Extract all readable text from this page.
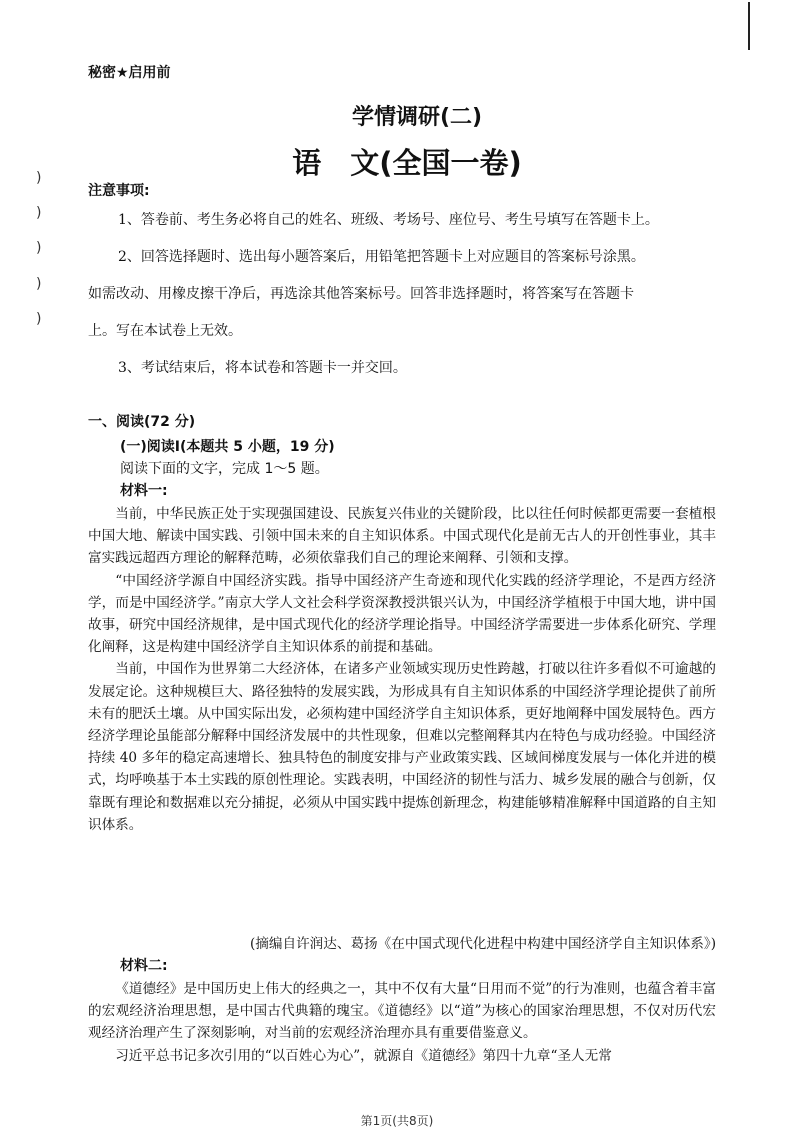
)
)
)
)
)
秘密★启用前
学情调研(二)
语　文(全国一卷)
注意事项:
1、答卷前、考生务必将自己的姓名、班级、考场号、座位号、考生号填写在答题卡上。
2、回答选择题时、选出每小题答案后，用铅笔把答题卡上对应题目的答案标号涂黑。
如需改动、用橡皮擦干净后，再选涂其他答案标号。回答非选择题时，将答案写在答题卡
上。写在本试卷上无效。
3、考试结束后，将本试卷和答题卡一并交回。
一、阅读(72 分)
(一)阅读Ⅰ(本题共 5 小题，19 分)
阅读下面的文字，完成 1～5 题。
材料一:

当前，中华民族正处于实现强国建设、民族复兴伟业的关键阶段，比以往任何时候都更需要一套植根中国大地、解读中国实践、引领中国未来的自主知识体系。中国式现代化是前无古人的开创性事业，其丰富实践远超西方理论的解释范畴，必须依靠我们自己的理论来阐释、引领和支撑。

“中国经济学源自中国经济实践。指导中国经济产生奇迹和现代化实践的经济学理论，不是西方经济学，而是中国经济学。”南京大学人文社会科学资深教授洪银兴认为，中国经济学植根于中国大地，讲中国故事，研究中国经济规律，是中国式现代化的经济学理论指导。中国经济学需要进一步体系化研究、学理化阐释，这是构建中国经济学自主知识体系的前提和基础。

当前，中国作为世界第二大经济体，在诸多产业领域实现历史性跨越，打破以往许多看似不可逾越的发展定论。这种规模巨大、路径独特的发展实践，为形成具有自主知识体系的中国经济学理论提供了前所未有的肥沃土壤。从中国实际出发，必须构建中国经济学自主知识体系，更好地阐释中国发展特色。西方经济学理论虽能部分解释中国经济发展中的共性现象，但难以完整阐释其内在特色与成功经验。中国经济持续 40 多年的稳定高速增长、独具特色的制度安排与产业政策实践、区域间梯度发展与一体化并进的模式，均呼唤基于本土实践的原创性理论。实践表明，中国经济的韧性与活力、城乡发展的融合与创新，仅靠既有理论和数据难以充分捕捉，必须从中国实践中提炼创新理念，构建能够精准解释中国道路的自主知识体系。

(摘编自许润达、葛扬《在中国式现代化进程中构建中国经济学自主知识体系》)
材料二:

《道德经》是中国历史上伟大的经典之一，其中不仅有大量“日用而不觉”的行为准则，也蕴含着丰富的宏观经济治理思想，是中国古代典籍的瑰宝。《道德经》以“道”为核心的国家治理思想，不仅对历代宏观经济治理产生了深刻影响，对当前的宏观经济治理亦具有重要借鉴意义。

习近平总书记多次引用的“以百姓心为心”，就源自《道德经》第四十九章“圣人无常

第1页(共8页)
